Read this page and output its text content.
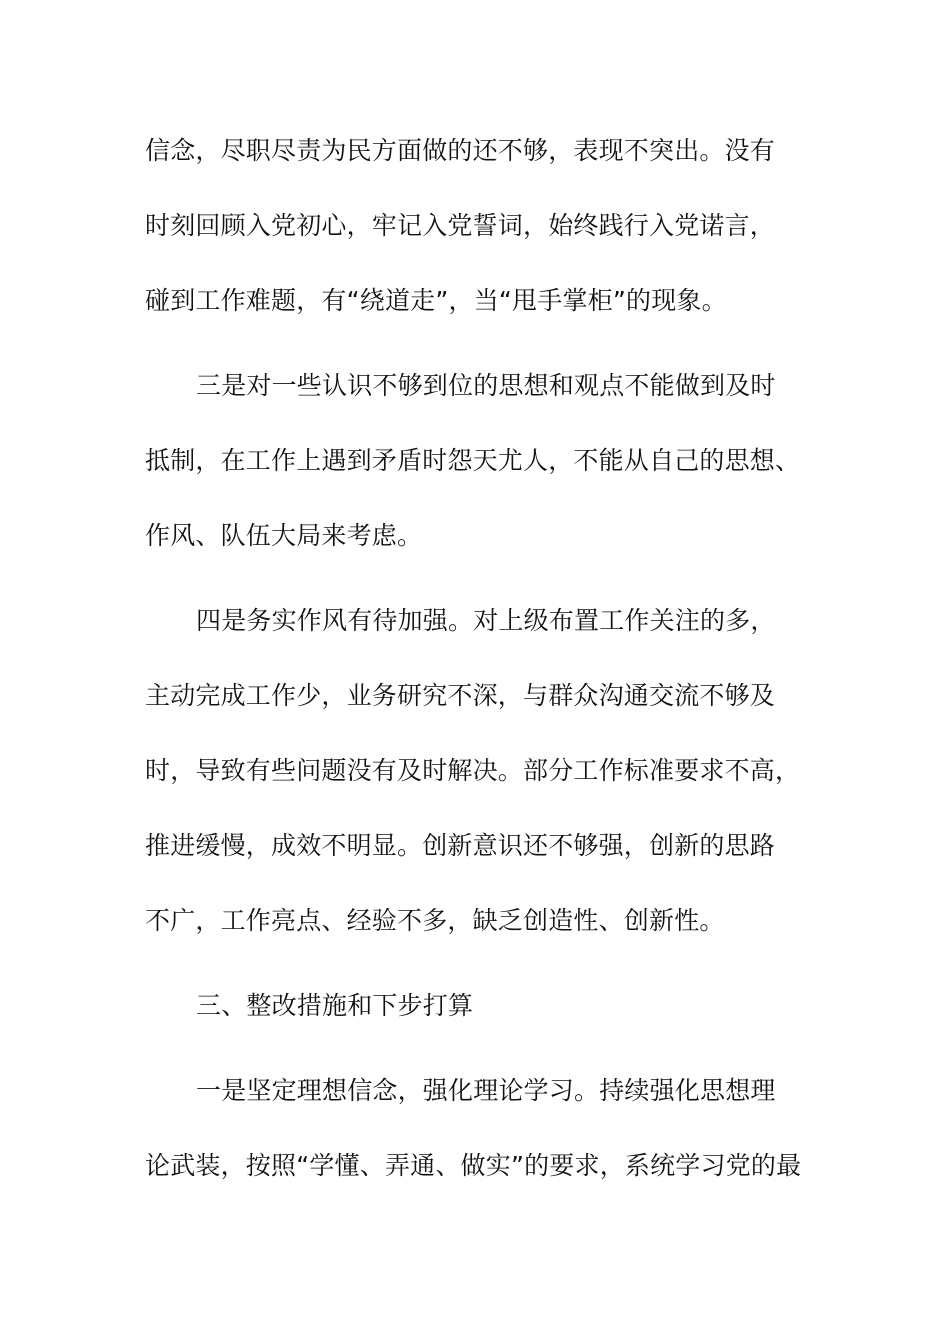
信念，尽职尽责为民方面做的还不够，表现不突出。没有
时刻回顾入党初心，牢记入党誓词，始终践行入党诺言，
碰到工作难题，有“绕道走”，当“甩手掌柜”的现象。
三是对一些认识不够到位的思想和观点不能做到及时
抵制，在工作上遇到矛盾时怨天尤人，不能从自己的思想、
作风、队伍大局来考虑。
四是务实作风有待加强。对上级布置工作关注的多，
主动完成工作少，业务研究不深，与群众沟通交流不够及
时，导致有些问题没有及时解决。部分工作标准要求不高，
推进缓慢，成效不明显。创新意识还不够强，创新的思路
不广，工作亮点、经验不多，缺乏创造性、创新性。
三、整改措施和下步打算
一是坚定理想信念，强化理论学习。持续强化思想理
论武装，按照“学懂、弄通、做实”的要求，系统学习党的最
